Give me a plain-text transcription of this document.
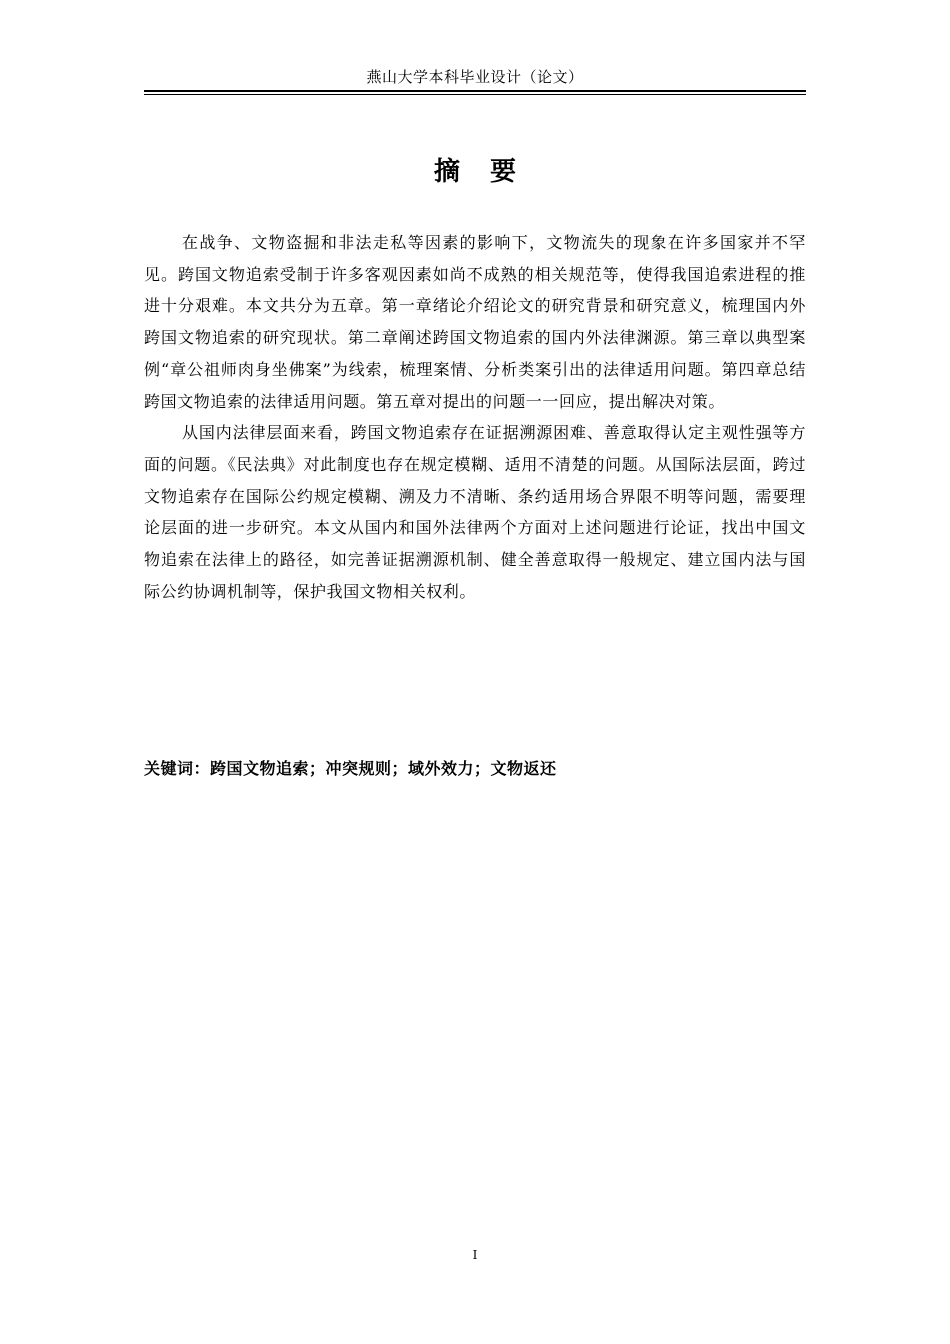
燕山大学本科毕业设计（论文）
摘要

在战争、文物盗掘和非法走私等因素的影响下，文物流失的现象在许多国家并不罕见。跨国文物追索受制于许多客观因素如尚不成熟的相关规范等，使得我国追索进程的推进十分艰难。本文共分为五章。第一章绪论介绍论文的研究背景和研究意义，梳理国内外跨国文物追索的研究现状。第二章阐述跨国文物追索的国内外法律渊源。第三章以典型案例“章公祖师肉身坐佛案”为线索，梳理案情、分析类案引出的法律适用问题。第四章总结跨国文物追索的法律适用问题。第五章对提出的问题一一回应，提出解决对策。

从国内法律层面来看，跨国文物追索存在证据溯源困难、善意取得认定主观性强等方面的问题。《民法典》对此制度也存在规定模糊、适用不清楚的问题。从国际法层面，跨过文物追索存在国际公约规定模糊、溯及力不清晰、条约适用场合界限不明等问题，需要理论层面的进一步研究。本文从国内和国外法律两个方面对上述问题进行论证，找出中国文物追索在法律上的路径，如完善证据溯源机制、健全善意取得一般规定、建立国内法与国际公约协调机制等，保护我国文物相关权利。

关键词：跨国文物追索；冲突规则；域外效力；文物返还
I
